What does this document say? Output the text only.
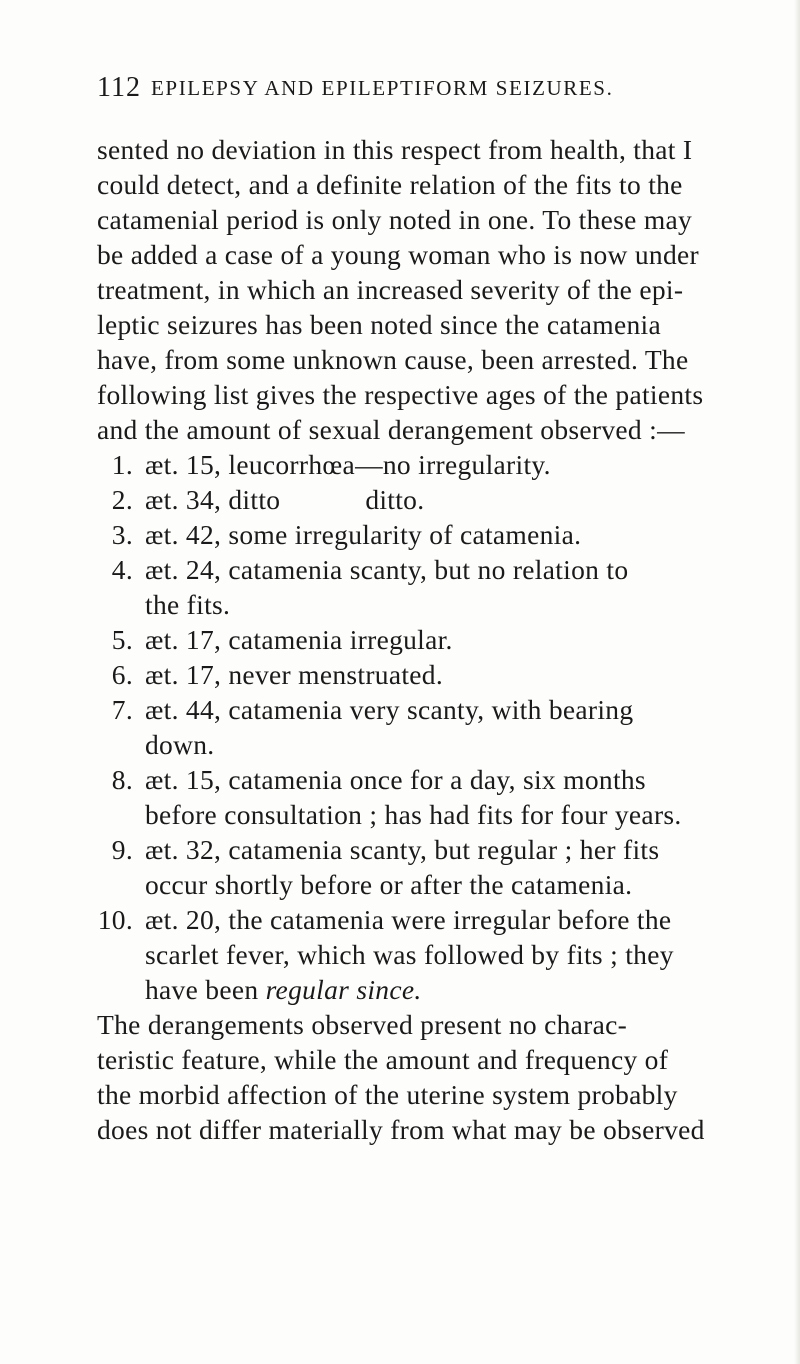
112 EPILEPSY AND EPILEPTIFORM SEIZURES.
sented no deviation in this respect from health, that I
could detect, and a definite relation of the fits to the
catamenial period is only noted in one. To these may
be added a case of a young woman who is now under
treatment, in which an increased severity of the epi-
leptic seizures has been noted since the catamenia
have, from some unknown cause, been arrested. The
following list gives the respective ages of the patients
and the amount of sexual derangement observed :—
1. æt. 15, leucorrhœa—no irregularity.
2. æt. 34, ditto	ditto.
3. æt. 42, some irregularity of catamenia.
4. æt. 24, catamenia scanty, but no relation to
the fits.
5. æt. 17, catamenia irregular.
6. æt. 17, never menstruated.
7. æt. 44, catamenia very scanty, with bearing
down.
8. æt. 15, catamenia once for a day, six months
before consultation ; has had fits for four years.
9. æt. 32, catamenia scanty, but regular ; her fits
occur shortly before or after the catamenia.
10. æt. 20, the catamenia were irregular before the
scarlet fever, which was followed by fits ; they
have been regular since.
The derangements observed present no charac-
teristic feature, while the amount and frequency of
the morbid affection of the uterine system probably
does not differ materially from what may be observed
